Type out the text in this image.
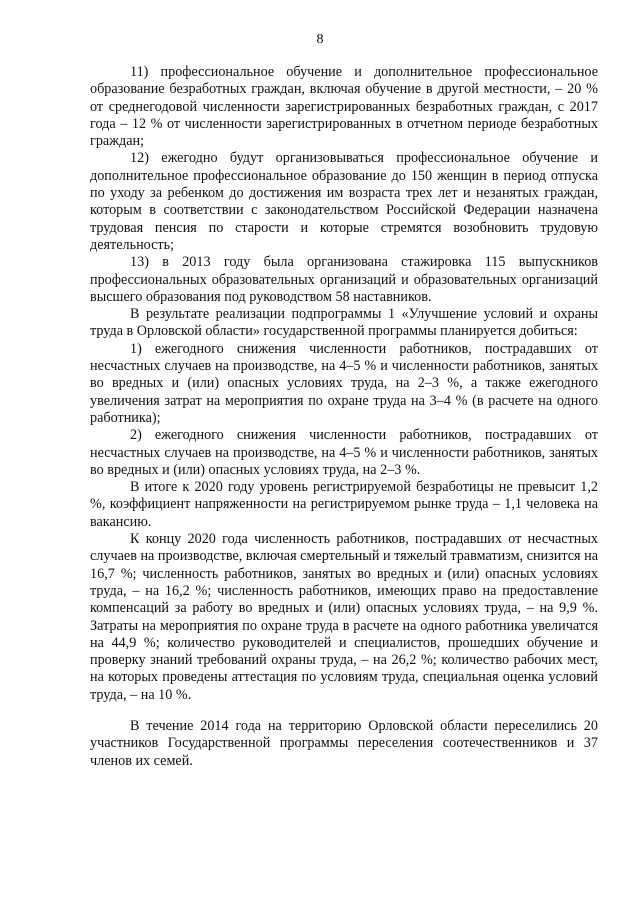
8

11) профессиональное обучение и дополнительное профессиональное образование безработных граждан, включая обучение в другой местности, – 20 % от среднегодовой численности зарегистрированных безработных граждан, с 2017 года – 12 % от численности зарегистрированных в отчетном периоде безработных граждан;

12) ежегодно будут организовываться профессиональное обучение и дополнительное профессиональное образование до 150 женщин в период отпуска по уходу за ребенком до достижения им возраста трех лет и незанятых граждан, которым в соответствии с законодательством Российской Федерации назначена трудовая пенсия по старости и которые стремятся возобновить трудовую деятельность;

13) в 2013 году была организована стажировка 115 выпускников профессиональных образовательных организаций и образовательных организаций высшего образования под руководством 58 наставников.

В результате реализации подпрограммы 1 «Улучшение условий и охраны труда в Орловской области» государственной программы планируется добиться:

1) ежегодного снижения численности работников, пострадавших от несчастных случаев на производстве, на 4–5 % и численности работников, занятых во вредных и (или) опасных условиях труда, на 2–3 %, а также ежегодного увеличения затрат на мероприятия по охране труда на 3–4 % (в расчете на одного работника);

2) ежегодного снижения численности работников, пострадавших от несчастных случаев на производстве, на 4–5 % и численности работников, занятых во вредных и (или) опасных условиях труда, на 2–3 %.

В итоге к 2020 году уровень регистрируемой безработицы не превысит 1,2 %, коэффициент напряженности на регистрируемом рынке труда – 1,1 человека на вакансию.

К концу 2020 года численность работников, пострадавших от несчастных случаев на производстве, включая смертельный и тяжелый травматизм, снизится на 16,7 %; численность работников, занятых во вредных и (или) опасных условиях труда, – на 16,2 %; численность работников, имеющих право на предоставление компенсаций за работу во вредных и (или) опасных условиях труда, – на 9,9 %. Затраты на мероприятия по охране труда в расчете на одного работника увеличатся на 44,9 %; количество руководителей и специалистов, прошедших обучение и проверку знаний требований охраны труда, – на 26,2 %; количество рабочих мест, на которых проведены аттестация по условиям труда, специальная оценка условий труда, – на 10 %.

В течение 2014 года на территорию Орловской области переселились 20 участников Государственной программы переселения соотечественников и 37 членов их семей.
